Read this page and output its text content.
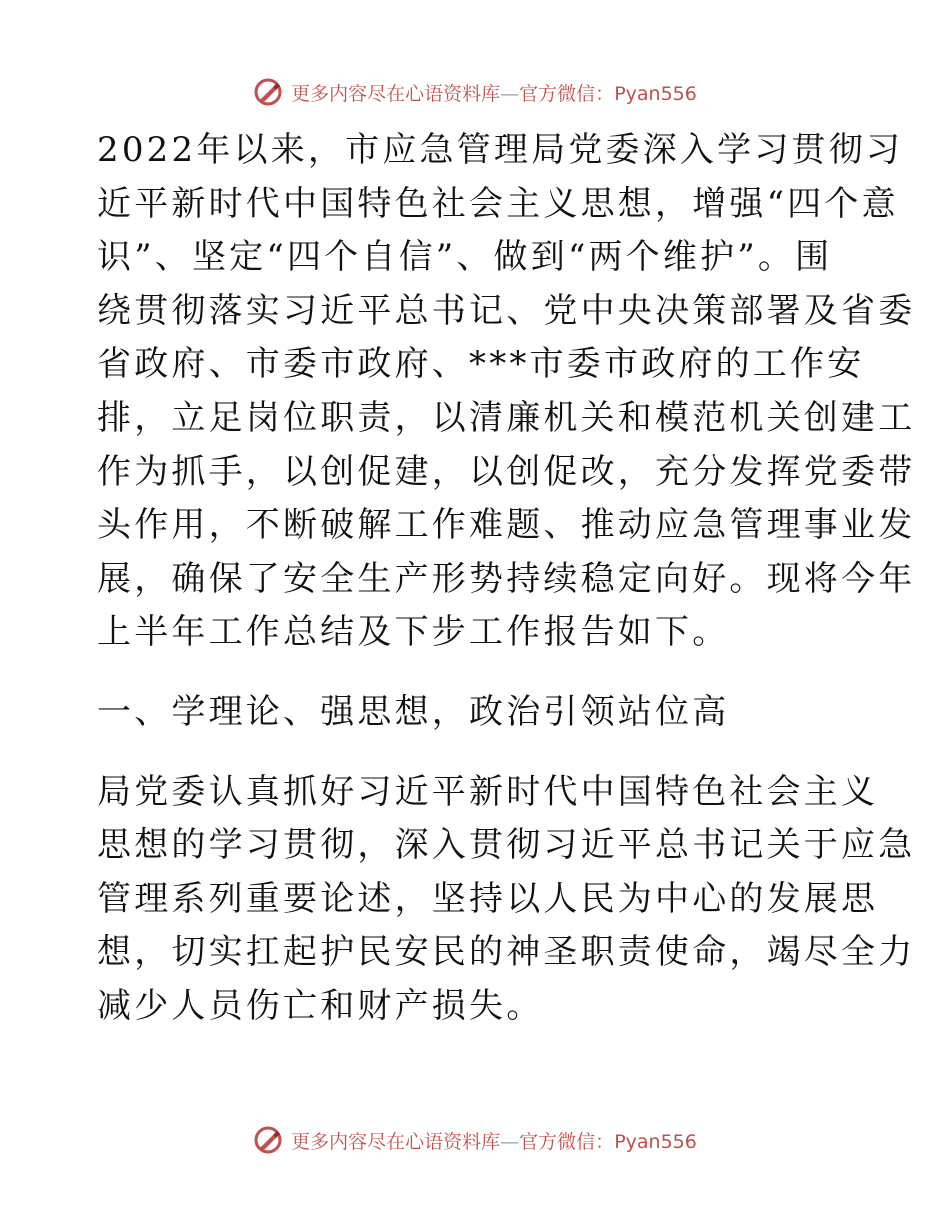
更多内容尽在心语资料库—官方微信：Pyan556

2022年以来，市应急管理局党委深入学习贯彻习
近平新时代中国特色社会主义思想，增强“四个意
识”、坚定“四个自信”、做到“两个维护”。围
绕贯彻落实习近平总书记、党中央决策部署及省委
省政府、市委市政府、***市委市政府的工作安
排，立足岗位职责，以清廉机关和模范机关创建工
作为抓手，以创促建，以创促改，充分发挥党委带
头作用，不断破解工作难题、推动应急管理事业发
展，确保了安全生产形势持续稳定向好。现将今年
上半年工作总结及下步工作报告如下。

一、学理论、强思想，政治引领站位高

局党委认真抓好习近平新时代中国特色社会主义
思想的学习贯彻，深入贯彻习近平总书记关于应急
管理系列重要论述，坚持以人民为中心的发展思
想，切实扛起护民安民的神圣职责使命，竭尽全力
减少人员伤亡和财产损失。

更多内容尽在心语资料库—官方微信：Pyan556
